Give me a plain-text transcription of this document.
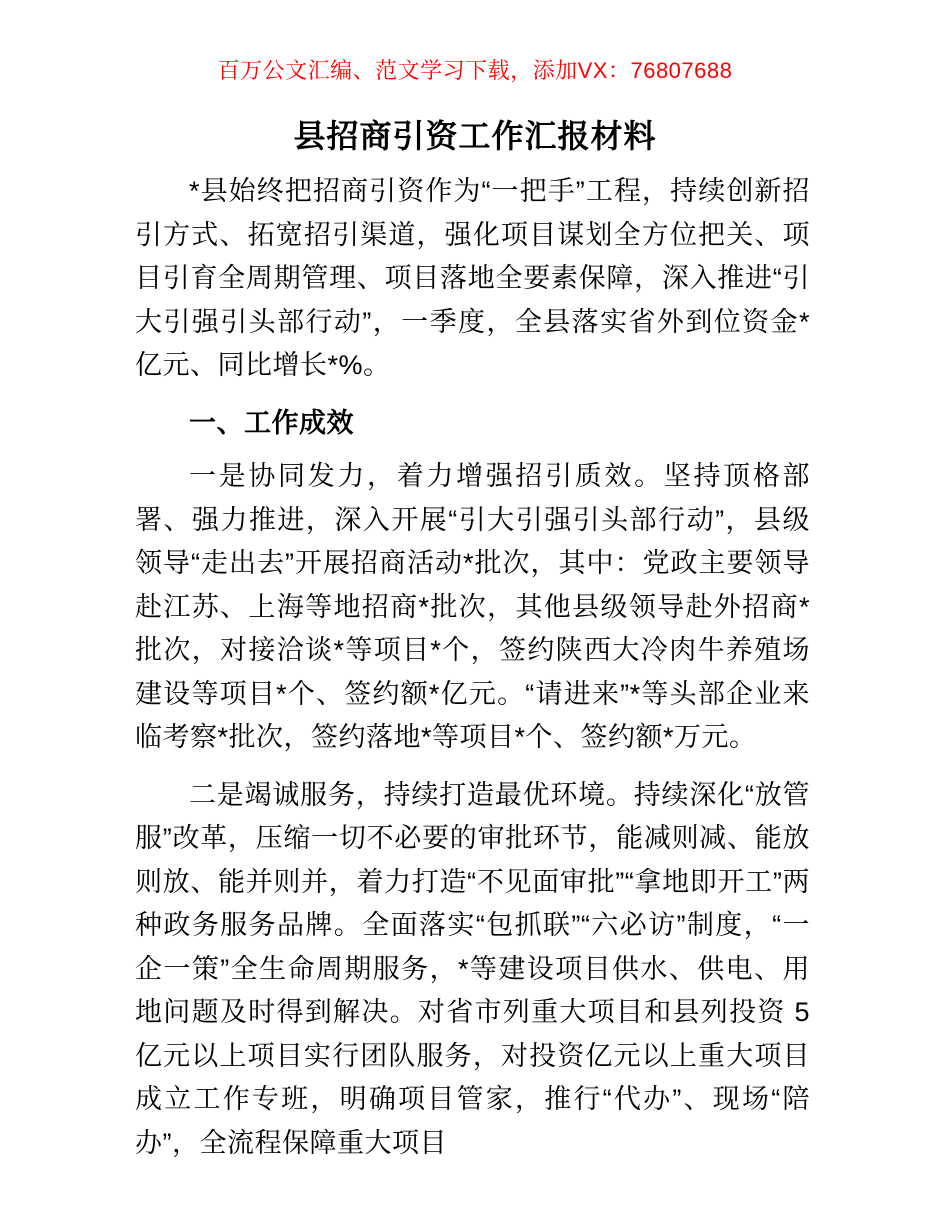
百万公文汇编、范文学习下载，添加VX：76807688
县招商引资工作汇报材料

*县始终把招商引资作为“一把手”工程，持续创新招引方式、拓宽招引渠道，强化项目谋划全方位把关、项目引育全周期管理、项目落地全要素保障，深入推进“引大引强引头部行动”，一季度，全县落实省外到位资金*亿元、同比增长*%。

一、工作成效

一是协同发力，着力增强招引质效。坚持顶格部署、强力推进，深入开展“引大引强引头部行动”，县级领导“走出去”开展招商活动*批次，其中：党政主要领导赴江苏、上海等地招商*批次，其他县级领导赴外招商*批次，对接洽谈*等项目*个，签约陕西大冷肉牛养殖场建设等项目*个、签约额*亿元。“请进来”*等头部企业来临考察*批次，签约落地*等项目*个、签约额*万元。

二是竭诚服务，持续打造最优环境。持续深化“放管服”改革，压缩一切不必要的审批环节，能减则减、能放则放、能并则并，着力打造“不见面审批”“拿地即开工”两种政务服务品牌。全面落实“包抓联”“六必访”制度，“一企一策”全生命周期服务，*等建设项目供水、供电、用地问题及时得到解决。对省市列重大项目和县列投资 5 亿元以上项目实行团队服务，对投资亿元以上重大项目成立工作专班，明确项目管家，推行“代办”、现场“陪办”，全流程保障重大项目
